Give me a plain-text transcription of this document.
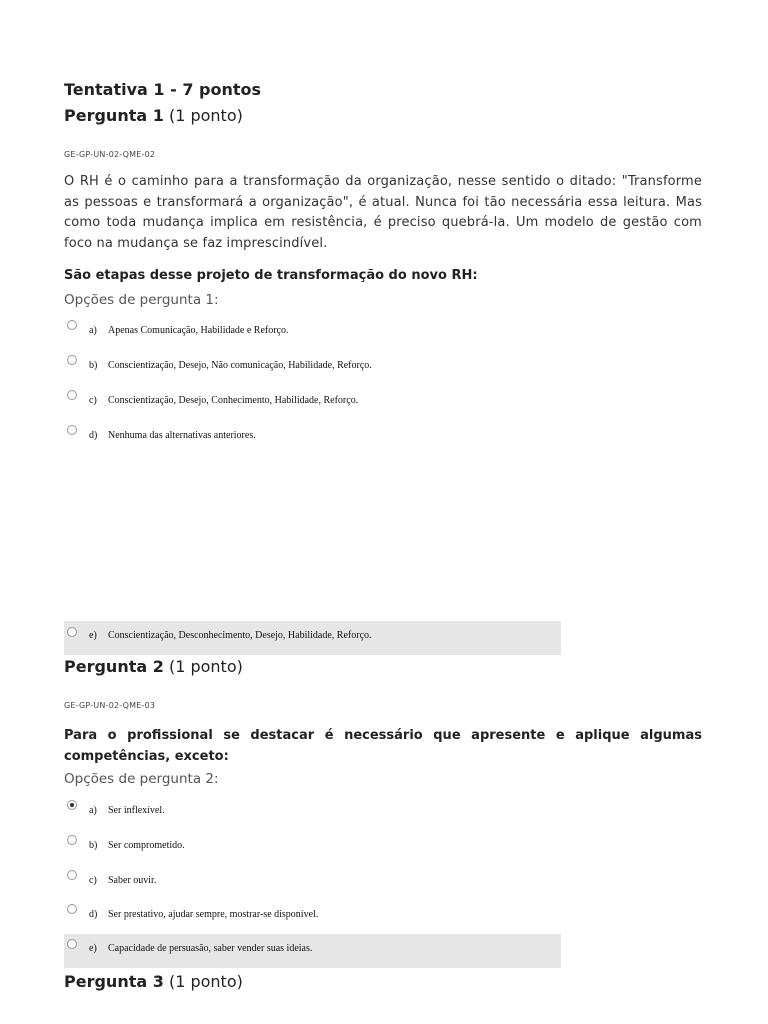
Tentativa 1 - 7 pontos
Pergunta 1 (1 ponto)
GE-GP-UN-02-QME-02
O RH é o caminho para a transformação da organização, nesse sentido o ditado: "Transforme as pessoas e transformará a organização", é atual. Nunca foi tão necessária essa leitura. Mas como toda mudança implica em resistência, é preciso quebrá-la. Um modelo de gestão com foco na mudança se faz imprescindível.
São etapas desse projeto de transformação do novo RH:
Opções de pergunta 1:
a) Apenas Comunicação, Habilidade e Reforço.
b) Conscientização, Desejo, Não comunicação, Habilidade, Reforço.
c) Conscientização, Desejo, Conhecimento, Habilidade, Reforço.
d) Nenhuma das alternativas anteriores.
e) Conscientização, Desconhecimento, Desejo, Habilidade, Reforço.
Pergunta 2 (1 ponto)
GE-GP-UN-02-QME-03
Para o profissional se destacar é necessário que apresente e aplique algumas competências, exceto:
Opções de pergunta 2:
a) Ser inflexível.
b) Ser comprometido.
c) Saber ouvir.
d) Ser prestativo, ajudar sempre, mostrar-se disponível.
e) Capacidade de persuasão, saber vender suas ideias.
Pergunta 3 (1 ponto)
